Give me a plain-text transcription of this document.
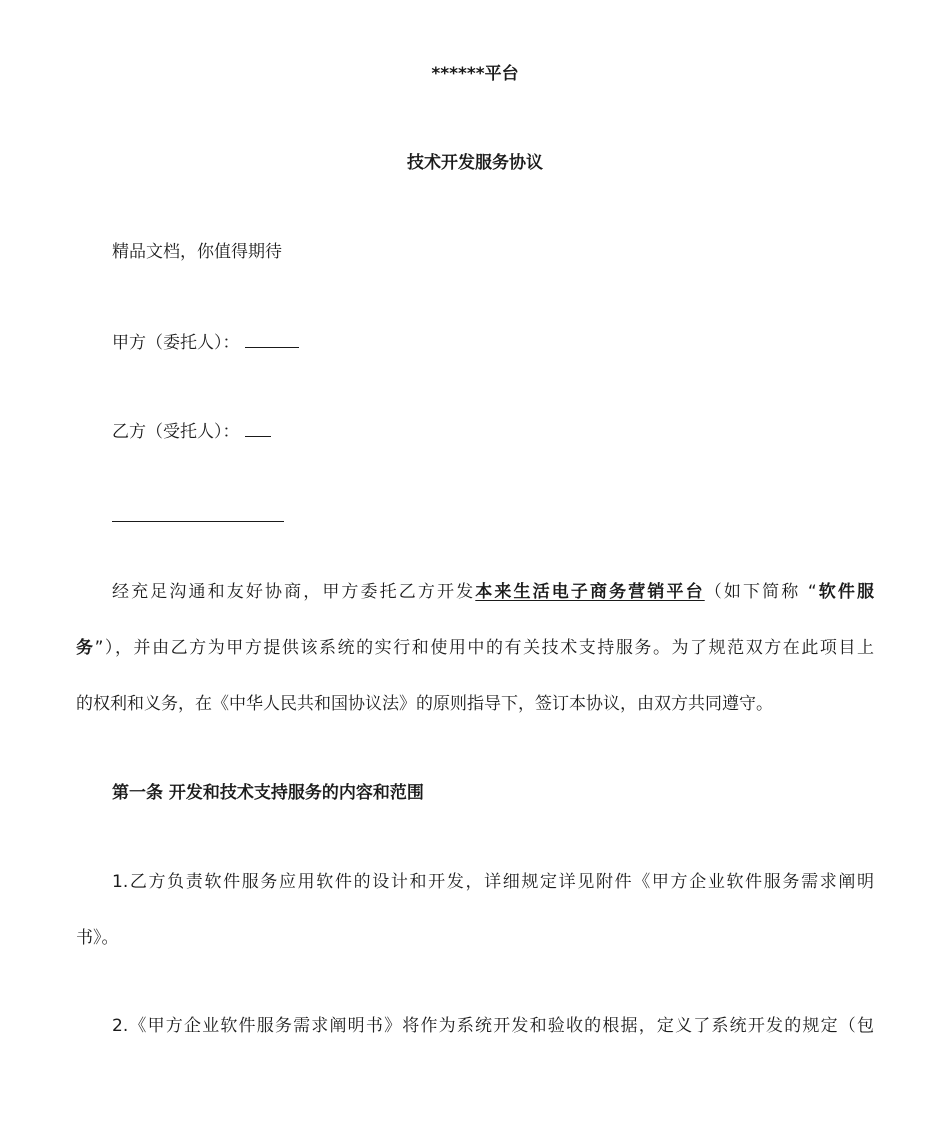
******平台
技术开发服务协议
精品文档，你值得期待
甲方（委托人）：
乙方（受托人）：
经充足沟通和友好协商，甲方委托乙方开发本来生活电子商务营销平台（如下简称 “软件服
务”），并由乙方为甲方提供该系统的实行和使用中的有关技术支持服务。为了规范双方在此项目上
的权利和义务，在《中华人民共和国协议法》的原则指导下，签订本协议，由双方共同遵守。
第一条 开发和技术支持服务的内容和范围
1.乙方负责软件服务应用软件的设计和开发，详细规定详见附件《甲方企业软件服务需求阐明
书》。
2.《甲方企业软件服务需求阐明书》将作为系统开发和验收的根据，定义了系统开发的规定（包
